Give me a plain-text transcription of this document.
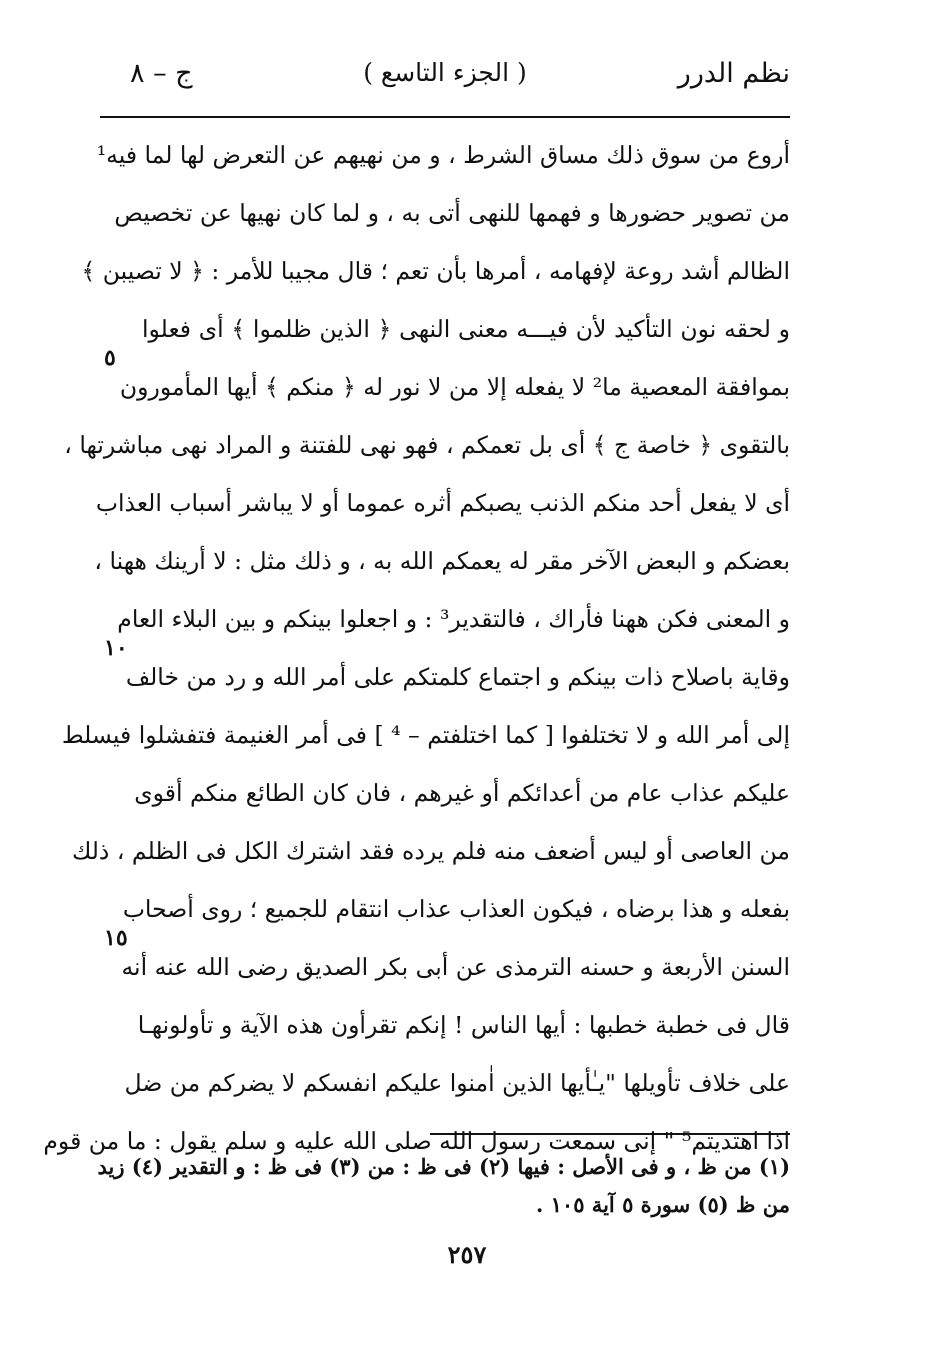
نظم الدرر
( الجزء التاسع )
ج – ٨
أروع من سوق ذلك مساق الشرط ، و من نهيهم عن التعرض لها لما فيه¹
من تصوير حضورها و فهمها للنهى أتى به ، و لما كان نهيها عن تخصيص
الظالم أشد روعة لإفهامه ، أمرها بأن تعم ؛ قال مجيبا للأمر : ﴿ لا تصيبن ﴾
و لحقه نون التأكيد لأن فيـــه معنى النهى ﴿ الذين ظلموا ﴾ أى فعلوا
بموافقة المعصية ما² لا يفعله إلا من لا نور له ﴿ منكم ﴾ أيها المأمورون
بالتقوى ﴿ خاصة ج ﴾ أى بل تعمكم ، فهو نهى للفتنة و المراد نهى مباشرتها ،
أى لا يفعل أحد منكم الذنب يصبكم أثره عموما أو لا يباشر أسباب العذاب
بعضكم و البعض الآخر مقر له يعمكم الله به ، و ذلك مثل : لا أرينك ههنا ،
و المعنى فكن ههنا فأراك ، فالتقدير³ : و اجعلوا بينكم و بين البلاء العام
وقاية باصلاح ذات بينكم و اجتماع كلمتكم على أمر الله و رد من خالف
إلى أمر الله و لا تختلفوا [ كما اختلفتم – ⁴ ] فى أمر الغنيمة فتفشلوا فيسلط
عليكم عذاب عام من أعدائكم أو غيرهم ، فان كان الطائع منكم أقوى
من العاصى أو ليس أضعف منه فلم يرده فقد اشترك الكل فى الظلم ، ذلك
بفعله و هذا برضاه ، فيكون العذاب عذاب انتقام للجميع ؛ روى أصحاب
السنن الأربعة و حسنه الترمذى عن أبى بكر الصديق رضى الله عنه أنه
قال فى خطبة خطبها : أيها الناس ! إنكم تقرأون هذه الآية و تأولونهـا
على خلاف تأويلها "يـٰأيها الذين اٰمنوا عليكم انفسكم لا يضركم من ضل
اذا اهتديتم⁵ " إنى سمعت رسول الله صلى الله عليه و سلم يقول : ما من قوم
٥
١٠
١٥
(١) من ظ ، و فى الأصل : فيها (٢) فى ظ : من (٣) فى ظ : و التقدير (٤) زيد
من ظ (٥) سورة ٥ آية ١٠٥ .
٢٥٧
